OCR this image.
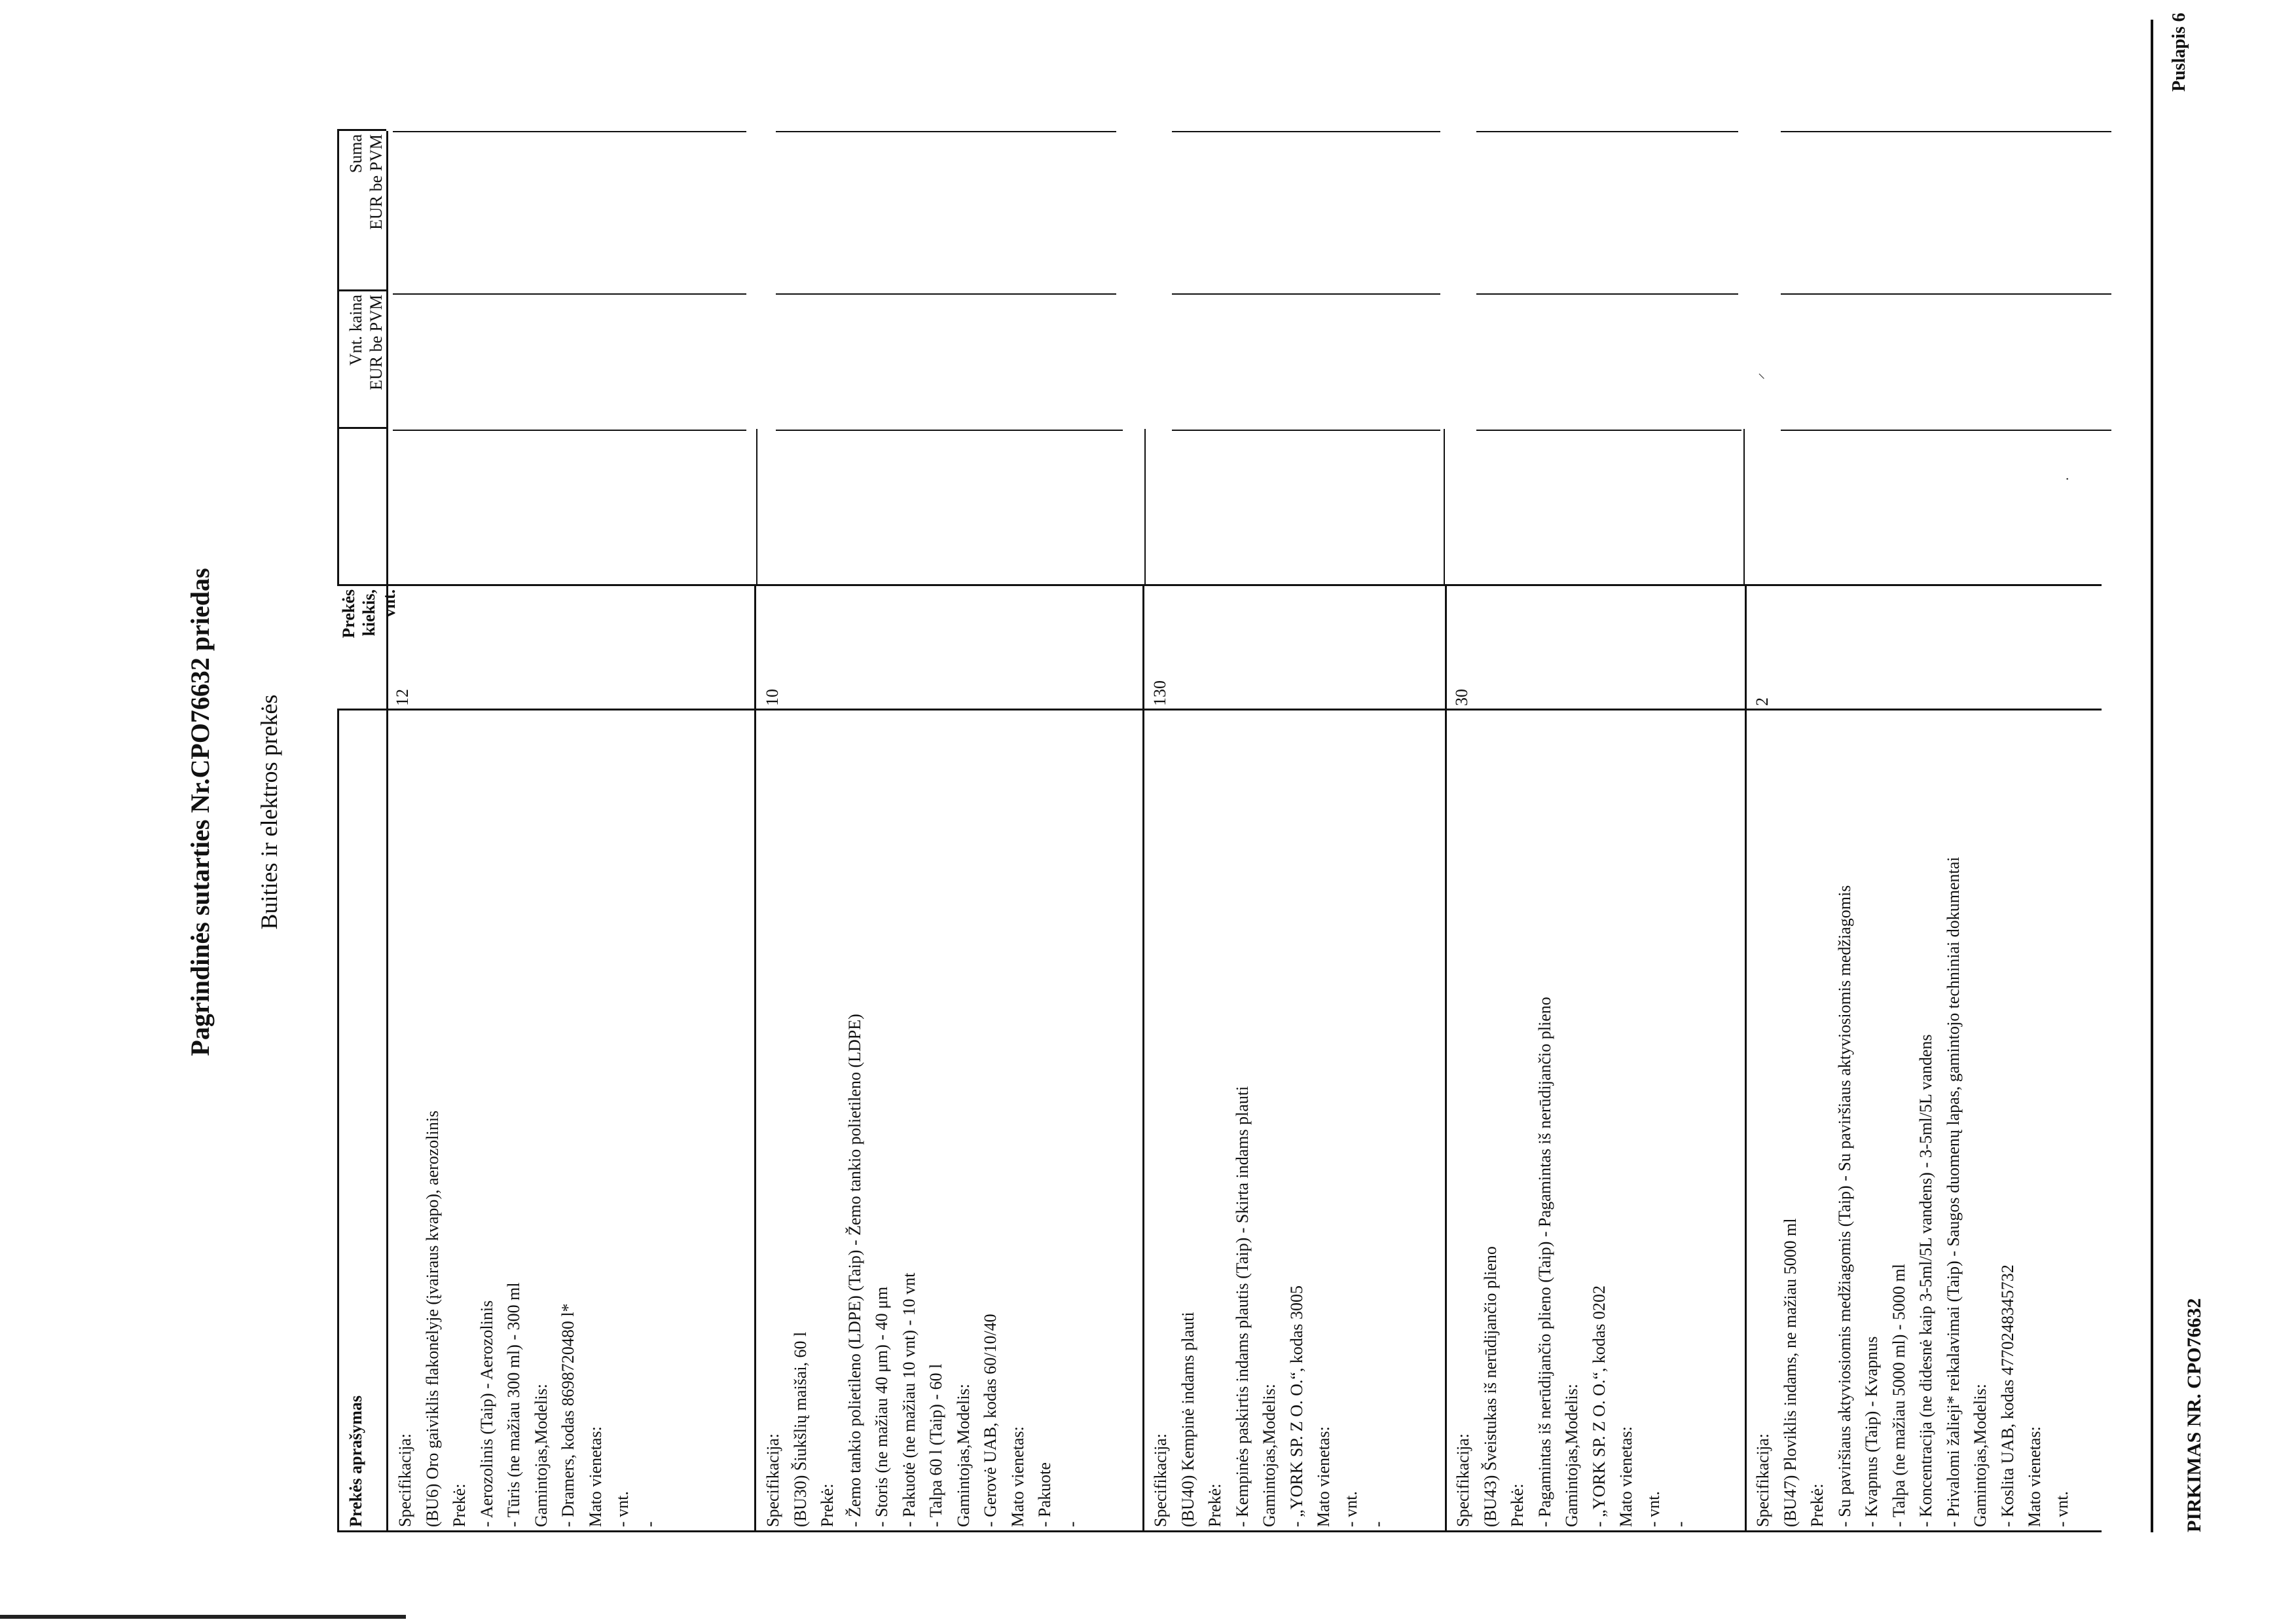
Pagrindinės sutarties Nr.CPO76632 priedas Buities ir elektros prekės
Prekės aprašymas
Prekės kiekis, vnt.
Vnt. kaina EUR be PVM
Suma EUR be PVM
Specifikacija: (BU6) Oro gaiviklis flakonėlyje (įvairaus kvapo), aerozolinis Prekė: - Aerozolinis (Taip) - Aerozolinis - Tūris (ne mažiau 300 ml) - 300 ml Gamintojas,Modelis: - Dramers, kodas 8698720480 l* Mato vienetas: - vnt. -
12
Specifikacija: (BU30) Šiukšlių maišai, 60 l Prekė: - Žemo tankio polietileno (LDPE) (Taip) - Žemo tankio polietileno (LDPE) - Storis (ne mažiau 40 μm) - 40 μm - Pakuotė (ne mažiau 10 vnt) - 10 vnt - Talpa 60 l (Taip) - 60 l Gamintojas,Modelis: - Gerovė UAB, kodas 60/10/40 Mato vienetas: - Pakuote -
10
Specifikacija: (BU40) Kempinė indams plauti Prekė: - Kempinės paskirtis indams plautis (Taip) - Skirta indams plauti Gamintojas,Modelis: - „YORK SP. Z O. O.“, kodas 3005 Mato vienetas: - vnt. -
130
Specifikacija: (BU43) Šveistukas iš nerūdijančio plieno Prekė: - Pagamintas iš nerūdijančio plieno (Taip) - Pagamintas iš nerūdijančio plieno Gamintojas,Modelis: - „YORK SP. Z O. O.“, kodas 0202 Mato vienetas: - vnt. -
30
Specifikacija: (BU47) Ploviklis indams, ne mažiau 5000 ml Prekė: - Su paviršiaus aktyviosiomis medžiagomis (Taip) - Su paviršiaus aktyviosiomis medžiagomis - Kvapnus (Taip) - Kvapnus - Talpa (ne mažiau 5000 ml) - 5000 ml - Koncentracija (ne didesnė kaip 3-5ml/5L vandens) - 3-5ml/5L vandens - Privalomi žalieji* reikalavimai (Taip) - Saugos duomenų lapas, gamintojo techniniai dokumentai Gamintojas,Modelis: - Koslita UAB, kodas 4770248345732 Mato vienetas: - vnt.
2
⸝
·
PIRKIMAS NR. CPO76632
Puslapis 6
